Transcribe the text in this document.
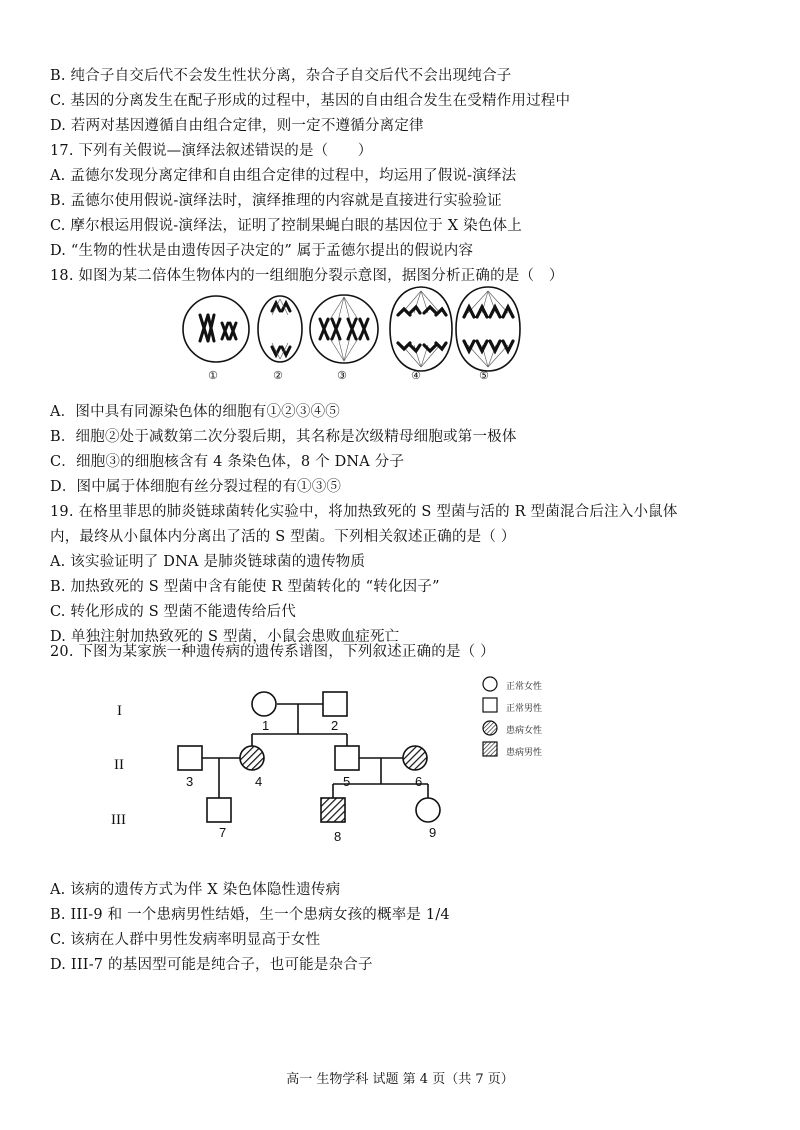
B. 纯合子自交后代不会发生性状分离，杂合子自交后代不会出现纯合子
C. 基因的分离发生在配子形成的过程中，基因的自由组合发生在受精作用过程中
D. 若两对基因遵循自由组合定律，则一定不遵循分离定律
17. 下列有关假说—演绎法叙述错误的是（　　）
A. 孟德尔发现分离定律和自由组合定律的过程中，均运用了假说-演绎法
B. 孟德尔使用假说-演绎法时，演绎推理的内容就是直接进行实验验证
C. 摩尔根运用假说-演绎法，证明了控制果蝇白眼的基因位于 X 染色体上
D. “生物的性状是由遗传因子决定的” 属于孟德尔提出的假说内容
18. 如图为某二倍体生物体内的一组细胞分裂示意图，据图分析正确的是（　）
①	②	③	④	⑤
A．图中具有同源染色体的细胞有①②③④⑤
B．细胞②处于减数第二次分裂后期，其名称是次级精母细胞或第一极体
C．细胞③的细胞核含有 4 条染色体，8 个 DNA 分子
D．图中属于体细胞有丝分裂过程的有①③⑤
19. 在格里菲思的肺炎链球菌转化实验中，将加热致死的 S 型菌与活的 R 型菌混合后注入小鼠体
内，最终从小鼠体内分离出了活的 S 型菌。下列相关叙述正确的是（ ）
A. 该实验证明了 DNA 是肺炎链球菌的遗传物质
B. 加热致死的 S 型菌中含有能使 R 型菌转化的 “转化因子”
C. 转化形成的 S 型菌不能遗传给后代
D. 单独注射加热致死的 S 型菌，小鼠会患败血症死亡
20. 下图为某家族一种遗传病的遗传系谱图，下列叙述正确的是（ ）
正常女性
正常男性
患病女性
患病男性
I
II
III
1	2
3	4	5	6
7	8	9
A. 该病的遗传方式为伴 X 染色体隐性遗传病
B. III-9 和 一个患病男性结婚，生一个患病女孩的概率是 1/4
C. 该病在人群中男性发病率明显高于女性
D. III-7 的基因型可能是纯合子，也可能是杂合子
高一 生物学科 试题 第 4 页（共 7 页）
